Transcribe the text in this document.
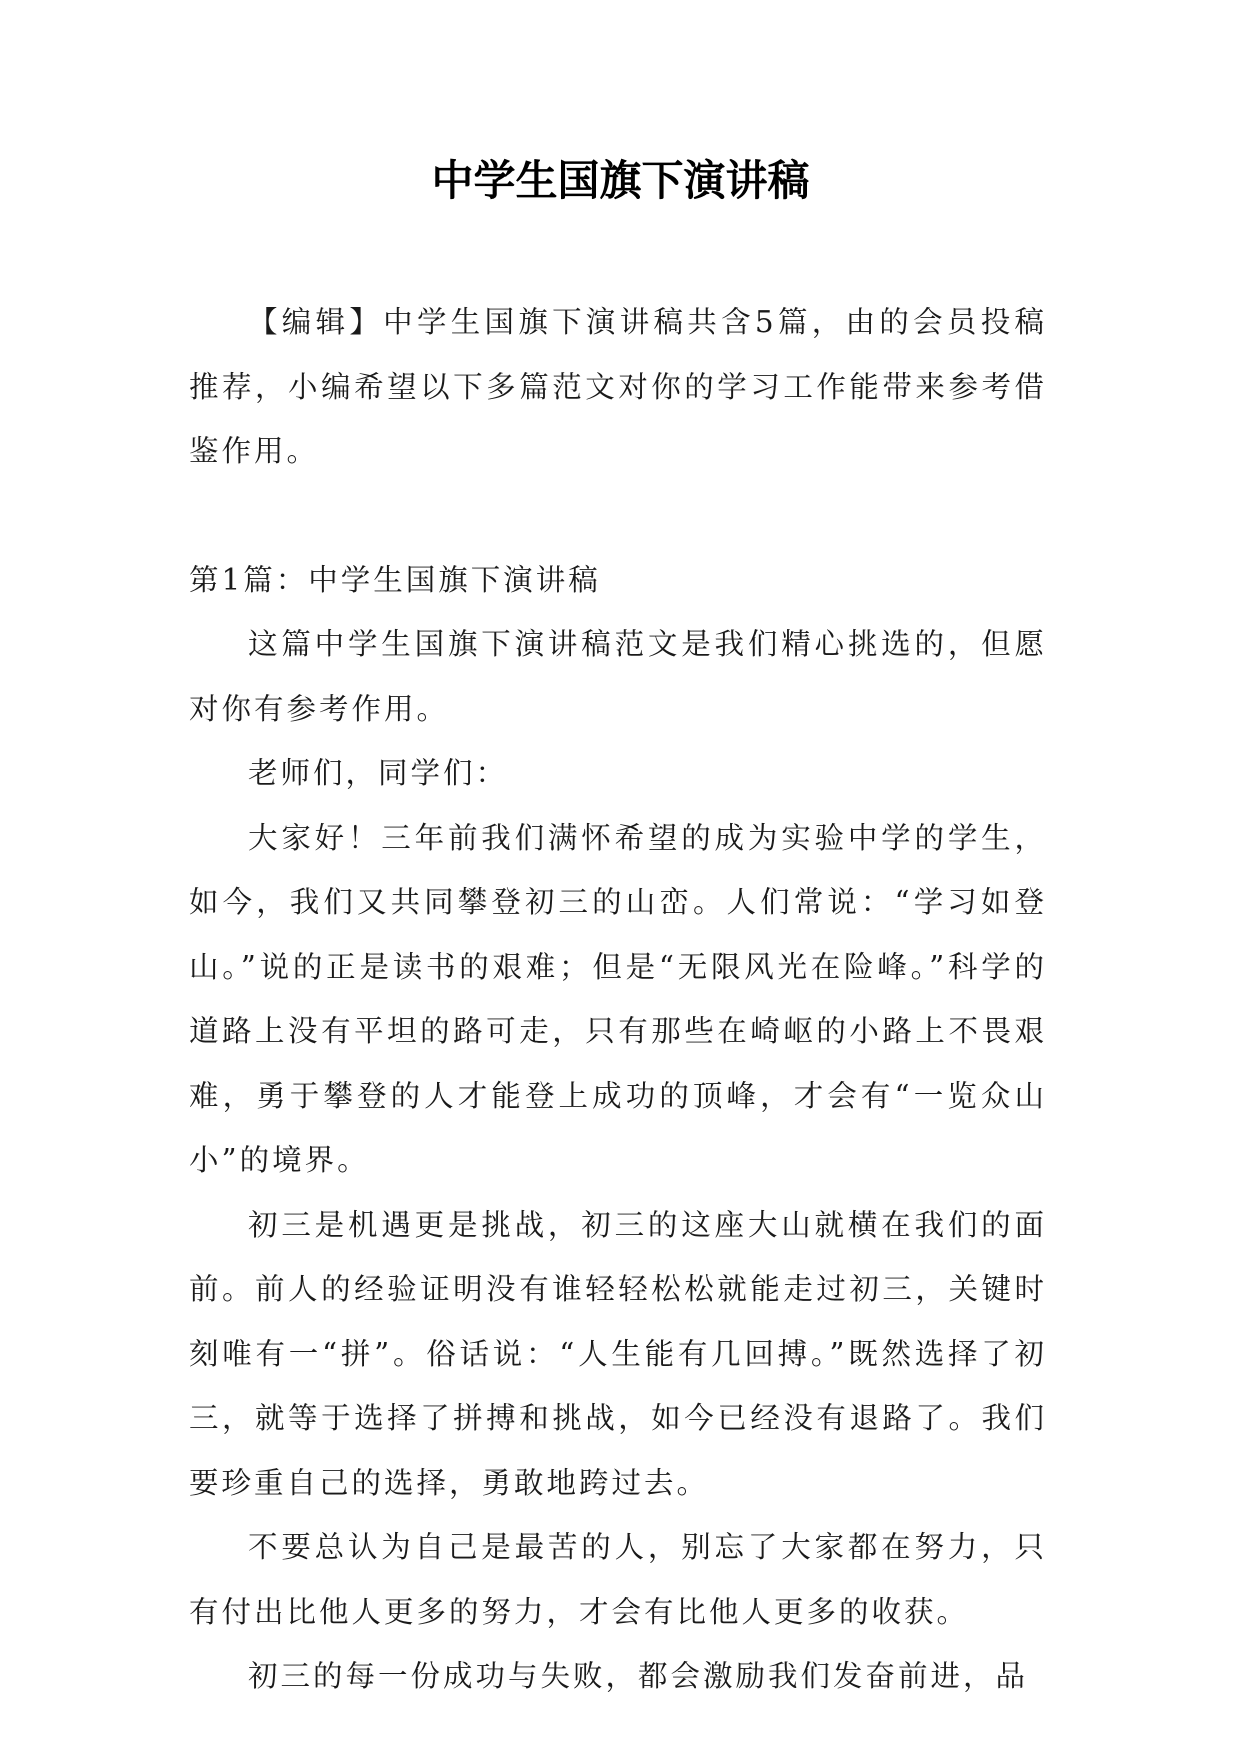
中学生国旗下演讲稿

【编辑】中学生国旗下演讲稿共含5篇，由的会员投稿推荐，小编希望以下多篇范文对你的学习工作能带来参考借鉴作用。

第1篇：中学生国旗下演讲稿

这篇中学生国旗下演讲稿范文是我们精心挑选的，但愿对你有参考作用。

老师们，同学们：

大家好！三年前我们满怀希望的成为实验中学的学生，如今，我们又共同攀登初三的山峦。人们常说：“学习如登山。”说的正是读书的艰难；但是“无限风光在险峰。”科学的道路上没有平坦的路可走，只有那些在崎岖的小路上不畏艰难，勇于攀登的人才能登上成功的顶峰，才会有“一览众山小”的境界。

初三是机遇更是挑战，初三的这座大山就横在我们的面前。前人的经验证明没有谁轻轻松松就能走过初三，关键时刻唯有一“拼”。俗话说：“人生能有几回搏。”既然选择了初三，就等于选择了拼搏和挑战，如今已经没有退路了。我们要珍重自己的选择，勇敢地跨过去。

不要总认为自己是最苦的人，别忘了大家都在努力，只有付出比他人更多的努力，才会有比他人更多的收获。

初三的每一份成功与失败，都会激励我们发奋前进，品
